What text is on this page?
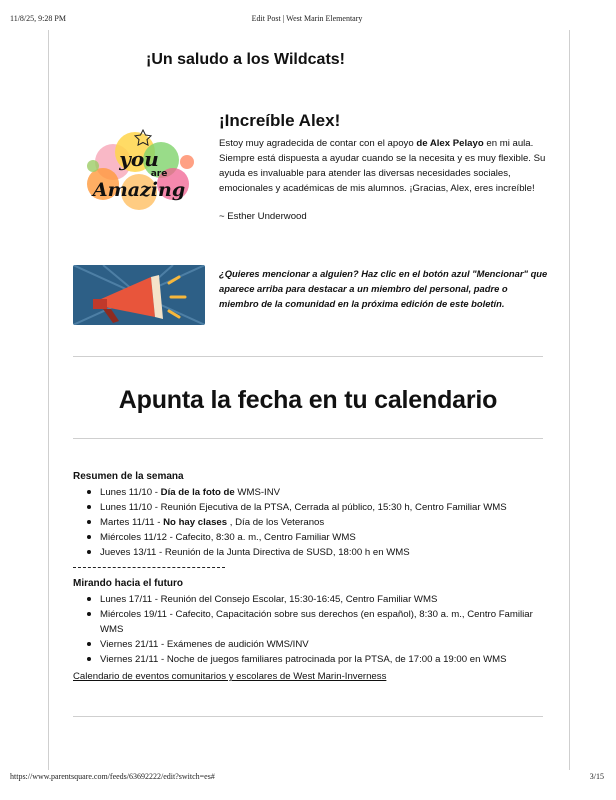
11/8/25, 9:28 PM	Edit Post | West Marin Elementary
¡Un saludo a los Wildcats!
you
are
Amazing
¡Increíble Alex!
Estoy muy agradecida de contar con el apoyo de Alex Pelayo en mi aula. Siempre está dispuesta a ayudar cuando se la necesita y es muy flexible. Su ayuda es invaluable para atender las diversas necesidades sociales, emocionales y académicas de mis alumnos. ¡Gracias, Alex, eres increíble!
~ Esther Underwood
¿Quieres mencionar a alguien? Haz clic en el botón azul "Mencionar" que aparece arriba para destacar a un miembro del personal, padre o miembro de la comunidad en la próxima edición de este boletín.
Apunta la fecha en tu calendario
Resumen de la semana
Lunes 11/10 - Día de la foto de WMS-INV
Lunes 11/10 - Reunión Ejecutiva de la PTSA, Cerrada al público, 15:30 h, Centro Familiar WMS
Martes 11/11 - No hay clases , Día de los Veteranos
Miércoles 11/12 - Cafecito, 8:30 a. m., Centro Familiar WMS
Jueves 13/11 - Reunión de la Junta Directiva de SUSD, 18:00 h en WMS
Mirando hacia el futuro
Lunes 17/11 - Reunión del Consejo Escolar, 15:30-16:45, Centro Familiar WMS
Miércoles 19/11 - Cafecito, Capacitación sobre sus derechos (en español), 8:30 a. m., Centro Familiar WMS
Viernes 21/11 - Exámenes de audición WMS/INV
Viernes 21/11 - Noche de juegos familiares patrocinada por la PTSA, de 17:00 a 19:00 en WMS
Calendario de eventos comunitarios y escolares de West Marin-Inverness
https://www.parentsquare.com/feeds/63692222/edit?switch=es#	3/15
